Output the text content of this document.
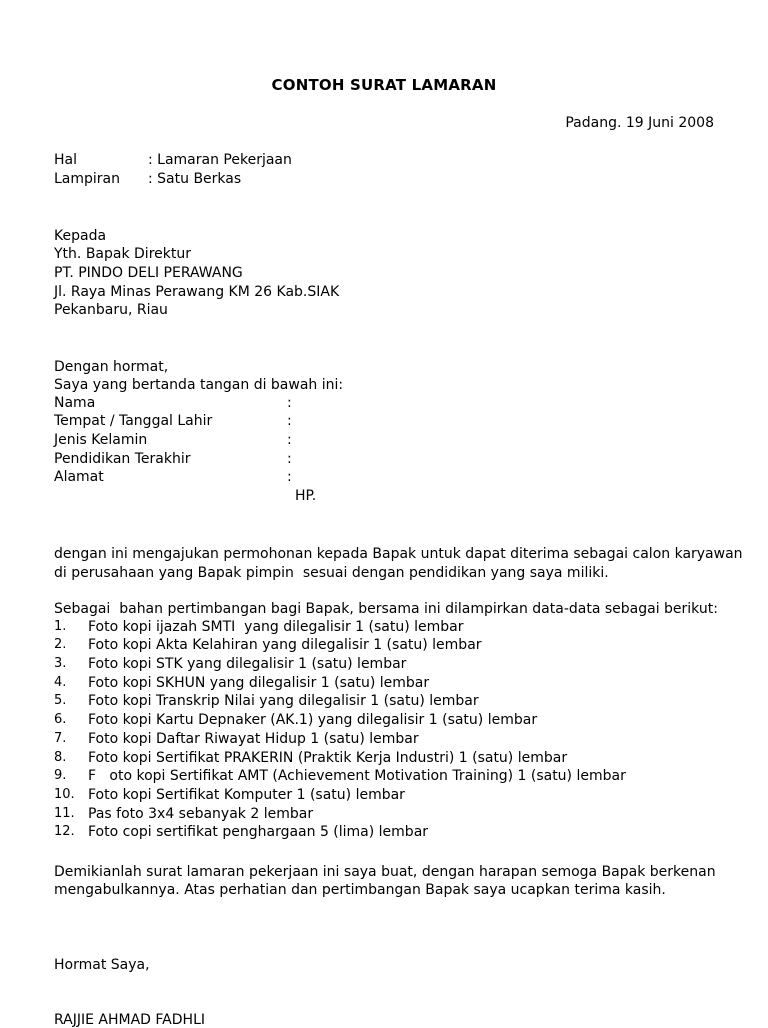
CONTOH SURAT LAMARAN
Padang. 19 Juni 2008
Hal	: Lamaran Pekerjaan
Lampiran : Satu Berkas
Kepada
Yth. Bapak Direktur
PT. PINDO DELI PERAWANG
Jl. Raya Minas Perawang KM 26 Kab.SIAK
Pekanbaru, Riau
Dengan hormat,
Saya yang bertanda tangan di bawah ini:
Nama	:
Tempat / Tanggal Lahir	:
Jenis Kelamin	:
Pendidikan Terakhir	:
Alamat	:
HP.
dengan ini mengajukan permohonan kepada Bapak untuk dapat diterima sebagai calon karyawan
di perusahaan yang Bapak pimpin  sesuai dengan pendidikan yang saya miliki.
Sebagai  bahan pertimbangan bagi Bapak, bersama ini dilampirkan data-data sebagai berikut:
1. Foto kopi ijazah SMTI  yang dilegalisir 1 (satu) lembar
2. Foto kopi Akta Kelahiran yang dilegalisir 1 (satu) lembar
3. Foto kopi STK yang dilegalisir 1 (satu) lembar
4. Foto kopi SKHUN yang dilegalisir 1 (satu) lembar
5. Foto kopi Transkrip Nilai yang dilegalisir 1 (satu) lembar
6. Foto kopi Kartu Depnaker (AK.1) yang dilegalisir 1 (satu) lembar
7. Foto kopi Daftar Riwayat Hidup 1 (satu) lembar
8. Foto kopi Sertifikat PRAKERIN (Praktik Kerja Industri) 1 (satu) lembar
9. F   oto kopi Sertifikat AMT (Achievement Motivation Training) 1 (satu) lembar
10. Foto kopi Sertifikat Komputer 1 (satu) lembar
11. Pas foto 3x4 sebanyak 2 lembar
12. Foto copi sertifikat penghargaan 5 (lima) lembar
Demikianlah surat lamaran pekerjaan ini saya buat, dengan harapan semoga Bapak berkenan
mengabulkannya. Atas perhatian dan pertimbangan Bapak saya ucapkan terima kasih.
Hormat Saya,
RAJJIE AHMAD FADHLI
